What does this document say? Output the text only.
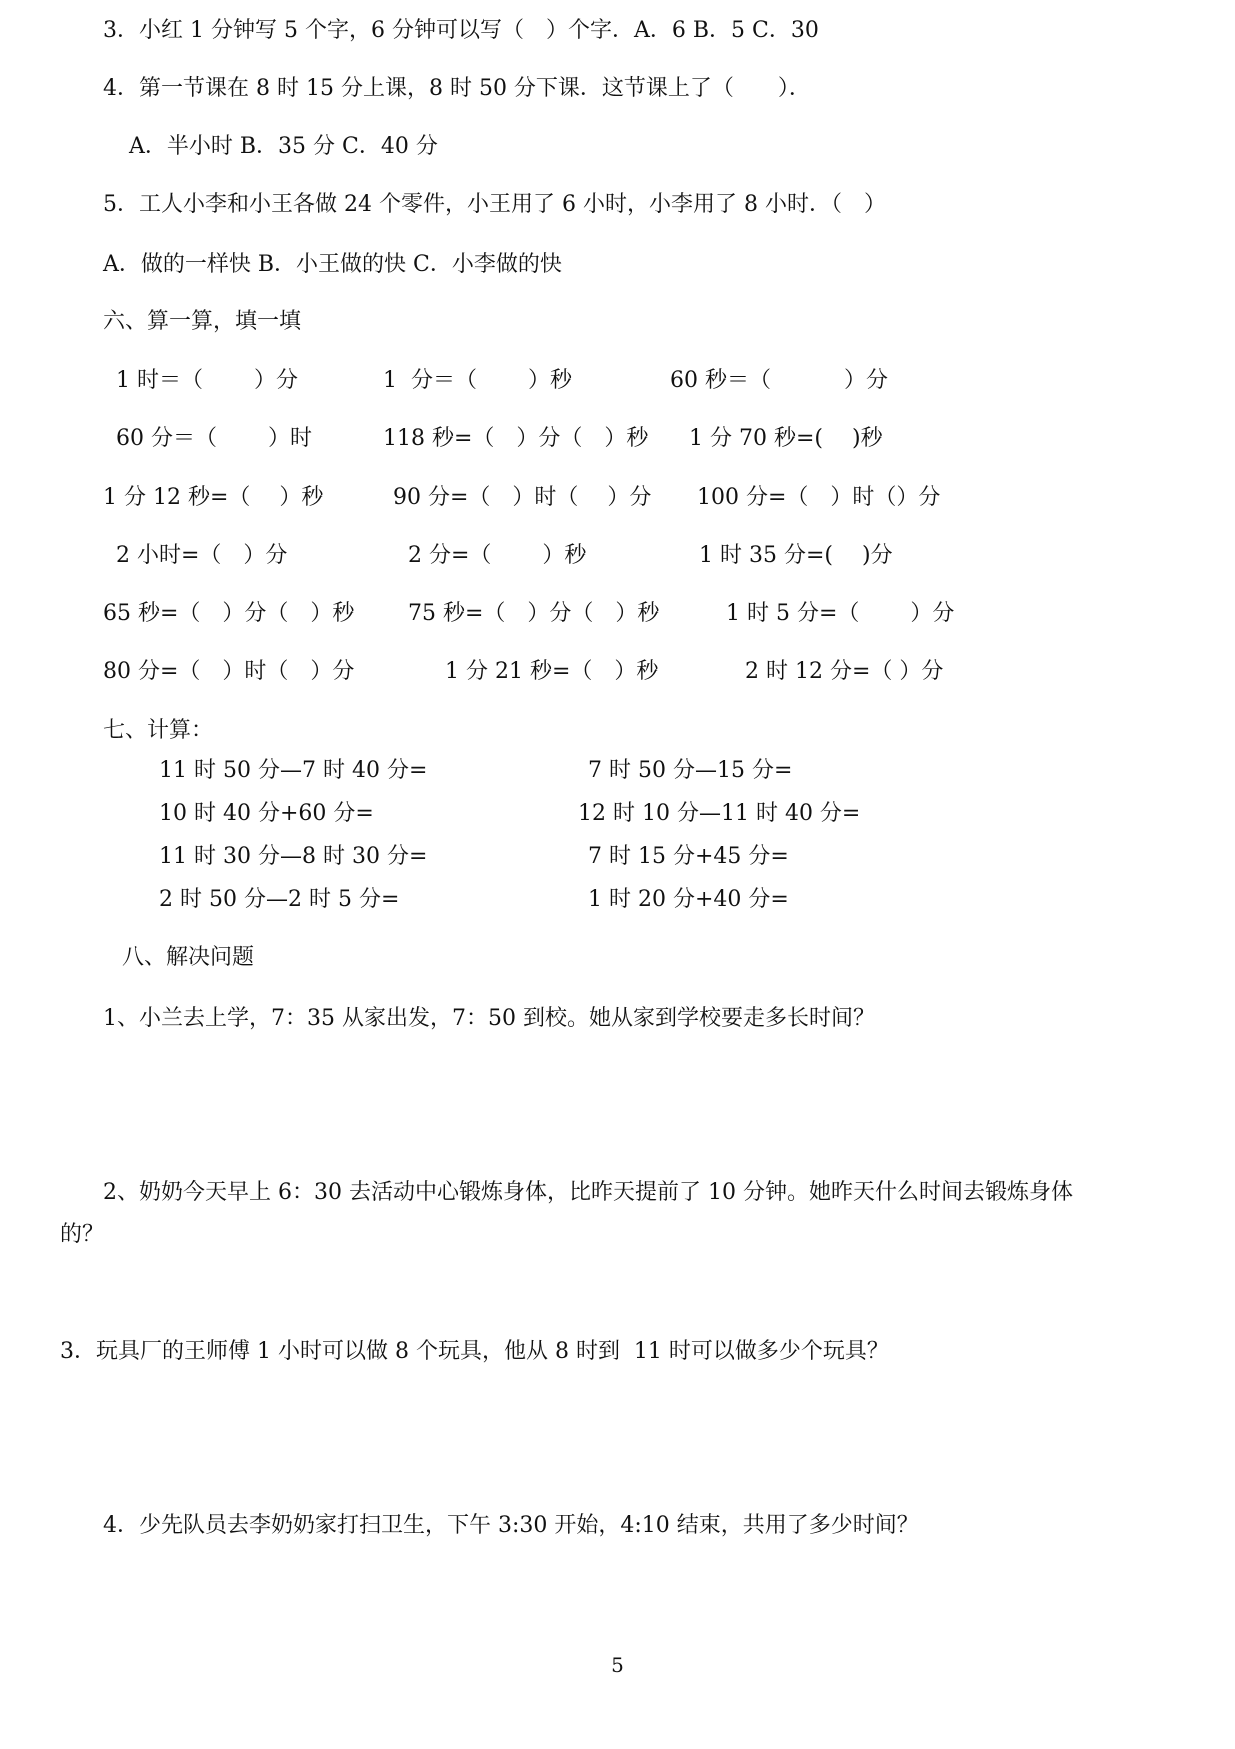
3．小红 1 分钟写 5 个字，6 分钟可以写（　）个字．A．6 B．5 C．30
4．第一节课在 8 时 15 分上课，8 时 50 分下课．这节课上了（　　）．
A．半小时 B．35 分 C．40 分
5．工人小李和小王各做 24 个零件，小王用了 6 小时，小李用了 8 小时．（　）
A．做的一样快 B．小王做的快 C．小李做的快
六、算一算，填一填
1 时＝（　　 ）分	1  分＝（　　 ）秒	60 秒＝（　　　 ）分
60 分＝（　　 ）时	118 秒=（　）分（　）秒 1 分 70 秒=(　 )秒
1 分 12 秒=（　 ）秒	90 分=（　）时（　 ）分 100 分=（　）时（）分
2 小时=（　）分	2 分=（　　 ）秒	1 时 35 分=(　 )分
65 秒=（　）分（　）秒 75 秒=（　）分（　）秒	1 时 5 分=（　　 ）分
80 分=（　）时（　）分	1 分 21 秒=（　）秒	2 时 12 分=（ ）分
七、计算：
11 时 50 分—7 时 40 分=	7 时 50 分—15 分=
10 时 40 分+60 分=	12 时 10 分—11 时 40 分=
11 时 30 分—8 时 30 分=	7 时 15 分+45 分=
2 时 50 分—2 时 5 分=	1 时 20 分+40 分=
八、解决问题
1、小兰去上学，7：35 从家出发，7：50 到校。她从家到学校要走多长时间？
2、奶奶今天早上 6：30 去活动中心锻炼身体，比昨天提前了 10 分钟。她昨天什么时间去锻炼身体
的？
3．玩具厂的王师傅 1 小时可以做 8 个玩具，他从 8 时到  11 时可以做多少个玩具？
4．少先队员去李奶奶家打扫卫生，下午 3:30 开始，4:10 结束，共用了多少时间？
5
